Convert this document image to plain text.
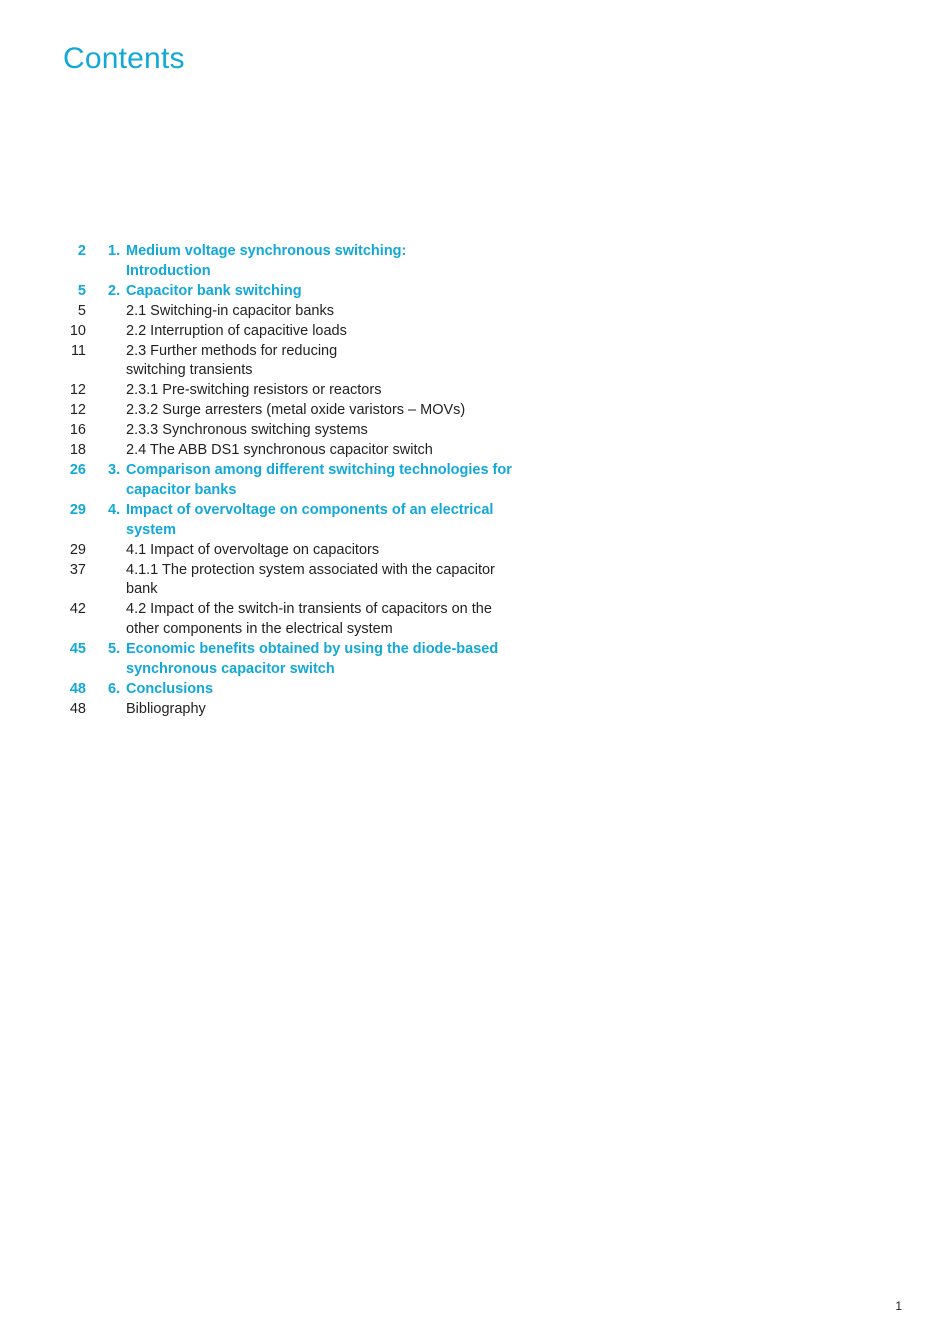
Contents
2 1. Medium voltage synchronous switching:
Introduction
5 2. Capacitor bank switching
5	2.1 Switching-in capacitor banks
10	2.2 Interruption of capacitive loads
11	2.3 Further methods for reducing
switching transients
12	2.3.1 Pre-switching resistors or reactors
12	2.3.2 Surge arresters (metal oxide varistors – MOVs)
16	2.3.3 Synchronous switching systems
18	2.4 The ABB DS1 synchronous capacitor switch
26 3. Comparison among different switching technologies for
capacitor banks
29 4. Impact of overvoltage on components of an electrical
system
29	4.1 Impact of overvoltage on capacitors
37	4.1.1 The protection system associated with the capacitor
bank
42	4.2 Impact of the switch-in transients of capacitors on the
other components in the electrical system
45 5. Economic benefits obtained by using the diode-based
synchronous capacitor switch
48 6. Conclusions
48	Bibliography
1
